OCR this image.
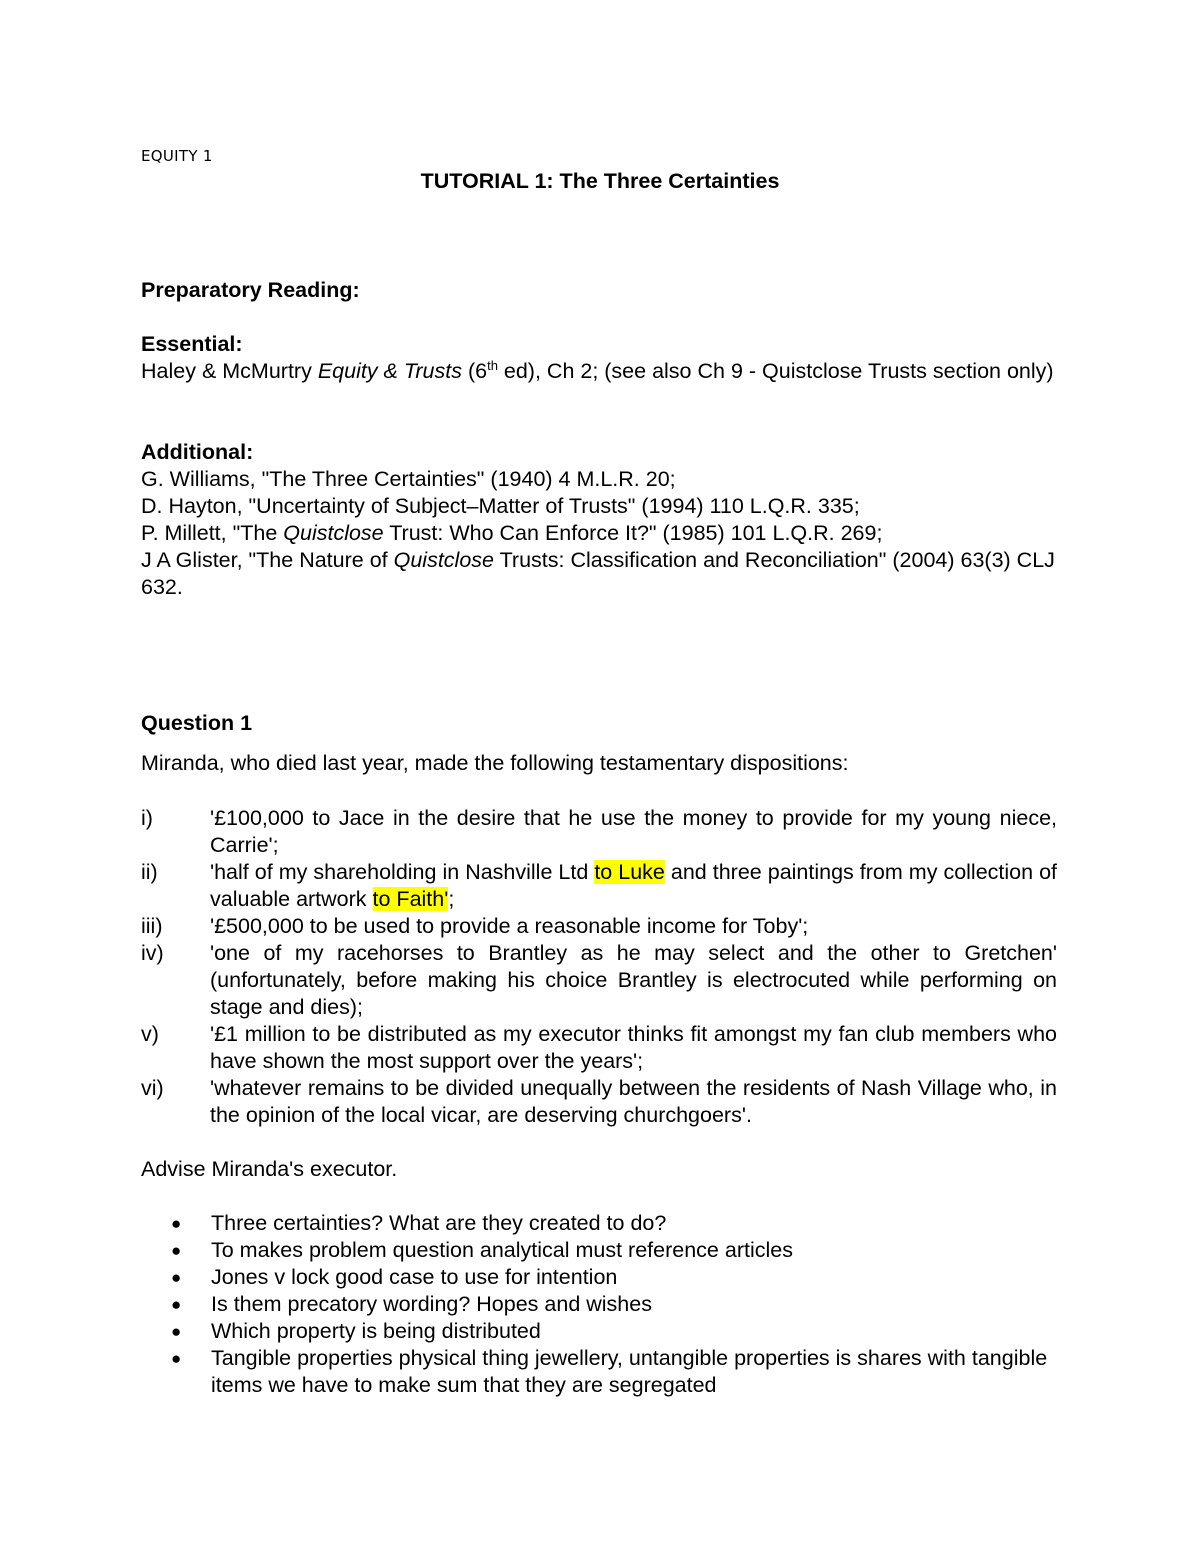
EQUITY 1
TUTORIAL 1: The Three Certainties
Preparatory Reading:
Essential:
Haley & McMurtry Equity & Trusts (6th ed), Ch 2; (see also Ch 9 - Quistclose Trusts section only)
Additional:
G. Williams, "The Three Certainties" (1940) 4 M.L.R. 20;
D. Hayton, "Uncertainty of Subject–Matter of Trusts" (1994) 110 L.Q.R. 335;
P. Millett, "The Quistclose Trust: Who Can Enforce It?" (1985) 101 L.Q.R. 269;
J A Glister, "The Nature of Quistclose Trusts: Classification and Reconciliation" (2004) 63(3) CLJ 632.
Question 1
Miranda, who died last year, made the following testamentary dispositions:
i)	'£100,000 to Jace in the desire that he use the money to provide for my young niece, Carrie';
ii) 'half of my shareholding in Nashville Ltd to Luke and three paintings from my collection of valuable artwork to Faith';
iii) '£500,000 to be used to provide a reasonable income for Toby';
iv) 'one of my racehorses to Brantley as he may select and the other to Gretchen' (unfortunately, before making his choice Brantley is electrocuted while performing on stage and dies);
v) '£1 million to be distributed as my executor thinks fit amongst my fan club members who have shown the most support over the years';
vi) 'whatever remains to be divided unequally between the residents of Nash Village who, in the opinion of the local vicar, are deserving churchgoers'.
Advise Miranda's executor.
● Three certainties? What are they created to do?
● To makes problem question analytical must reference articles
● Jones v lock good case to use for intention
● Is them precatory wording? Hopes and wishes
● Which property is being distributed
● Tangible properties physical thing jewellery, untangible properties is shares with tangible items we have to make sum that they are segregated
